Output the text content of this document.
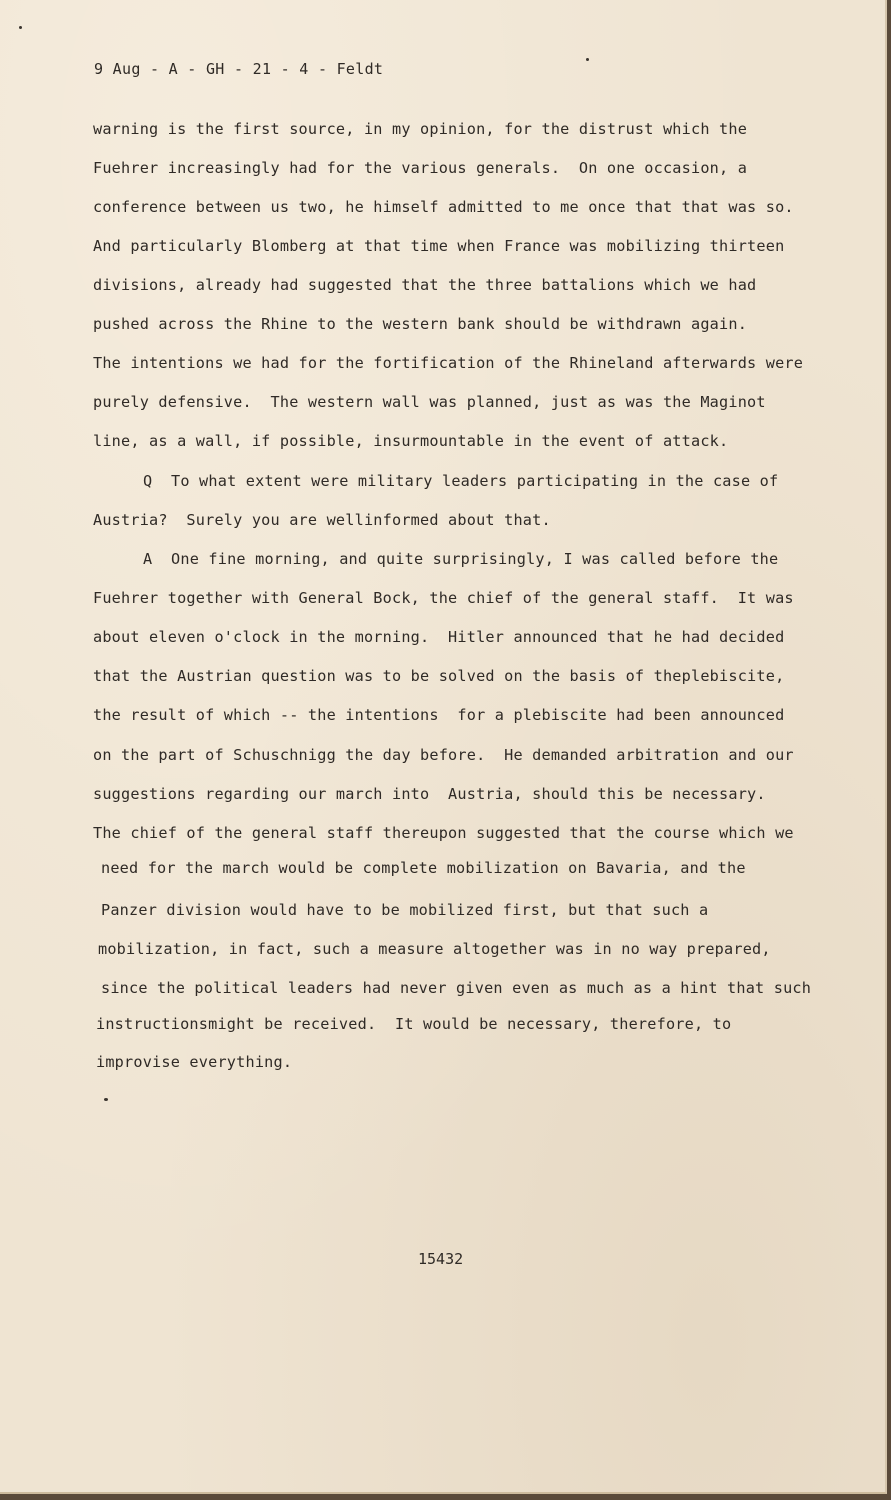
9 Aug - A - GH - 21 - 4 - Feldt
warning is the first source, in my opinion, for the distrust which the
Fuehrer increasingly had for the various generals.  On one occasion, a
conference between us two, he himself admitted to me once that that was so.
And particularly Blomberg at that time when France was mobilizing thirteen
divisions, already had suggested that the three battalions which we had
pushed across the Rhine to the western bank should be withdrawn again.
The intentions we had for the fortification of the Rhineland afterwards were
purely defensive.  The western wall was planned, just as was the Maginot
line, as a wall, if possible, insurmountable in the event of attack.
Q  To what extent were military leaders participating in the case of
Austria?  Surely you are wellinformed about that.
A  One fine morning, and quite surprisingly, I was called before the
Fuehrer together with General Bock, the chief of the general staff.  It was
about eleven o'clock in the morning.  Hitler announced that he had decided
that the Austrian question was to be solved on the basis of theplebiscite,
the result of which -- the intentions  for a plebiscite had been announced
on the part of Schuschnigg the day before.  He demanded arbitration and our
suggestions regarding our march into  Austria, should this be necessary.
The chief of the general staff thereupon suggested that the course which we
need for the march would be complete mobilization on Bavaria, and the
Panzer division would have to be mobilized first, but that such a
mobilization, in fact, such a measure altogether was in no way prepared,
since the political leaders had never given even as much as a hint that such
instructionsmight be received.  It would be necessary, therefore, to
improvise everything.
15432
